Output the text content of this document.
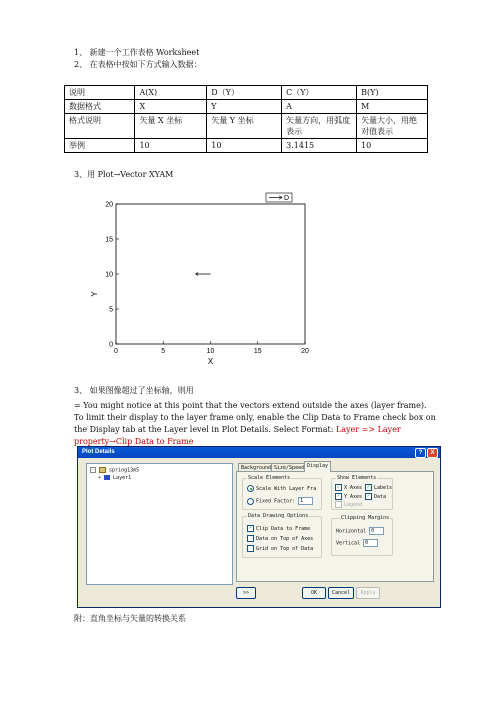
1、 新建一个工作表格 Worksheet
2、 在表格中按如下方式输入数据：
说明	A(X)	D（Y）	C（Y）	B(Y)
数据格式	X	Y	A	M
格式说明	矢量 X 坐标	矢量 Y 坐标	矢量方向，用弧度表示	矢量大小，用绝对值表示
举例	10	10	3.1415	10
3、用 Plot→Vector XYAM
0	5	10	15	20
0
5
10
15
20
X
Y
D
3、 如果图像超过了坐标轴，则用
= You might notice at this point that the vectors extend outside the axes (layer frame). To limit their display to the layer frame only, enable the Clip Data to Frame check box on the Display tab at the Layer level in Plot Details. Select Format: Layer => Layer property→Clip Data to Frame
Plot Details	?	X
-	spring13m5
+ Layer1
Background Size/Speed Display
Scale Elements
Scale With Layer Fra
Fixed Factor: 1
Show Elements
✓ X Axes ✓ Labels
✓ Y Axes ✓ Data
Legend
Data Drawing Options
✓ Clip Data to Frame
Data on Top of Axes
Grid on Top of Data
Clipping Margins
Horizontal 0
Vertical 0
>>	OK	Cancel	Apply
附：直角坐标与矢量的转换关系
